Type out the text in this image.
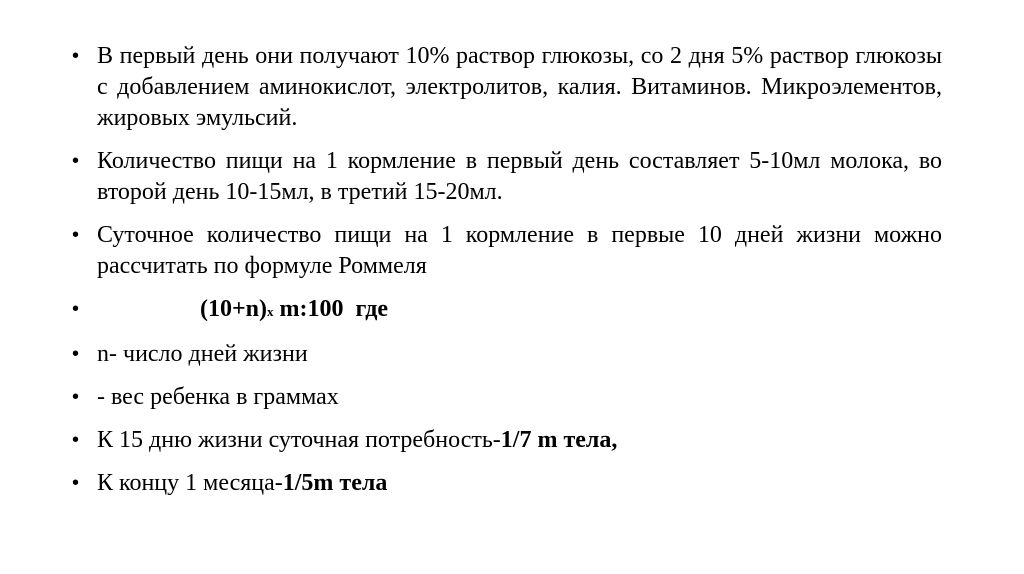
• В первый день они получают 10% раствор глюкозы, со 2 дня 5% раствор глюкозы с добавлением аминокислот, электролитов, калия. Витаминов. Микроэлементов, жировых эмульсий.
• Количество пищи на 1 кормление в первый день составляет 5-10мл молока, во второй день 10-15мл, в третий 15-20мл.
• Суточное количество пищи на 1 кормление в первые 10 дней жизни можно рассчитать по формуле Роммеля
•	(10+n)x m:100  где
• n- число дней жизни
• - вес ребенка в граммах
• К 15 дню жизни суточная потребность-1/7 m тела,
• К концу 1 месяца-1/5m тела
